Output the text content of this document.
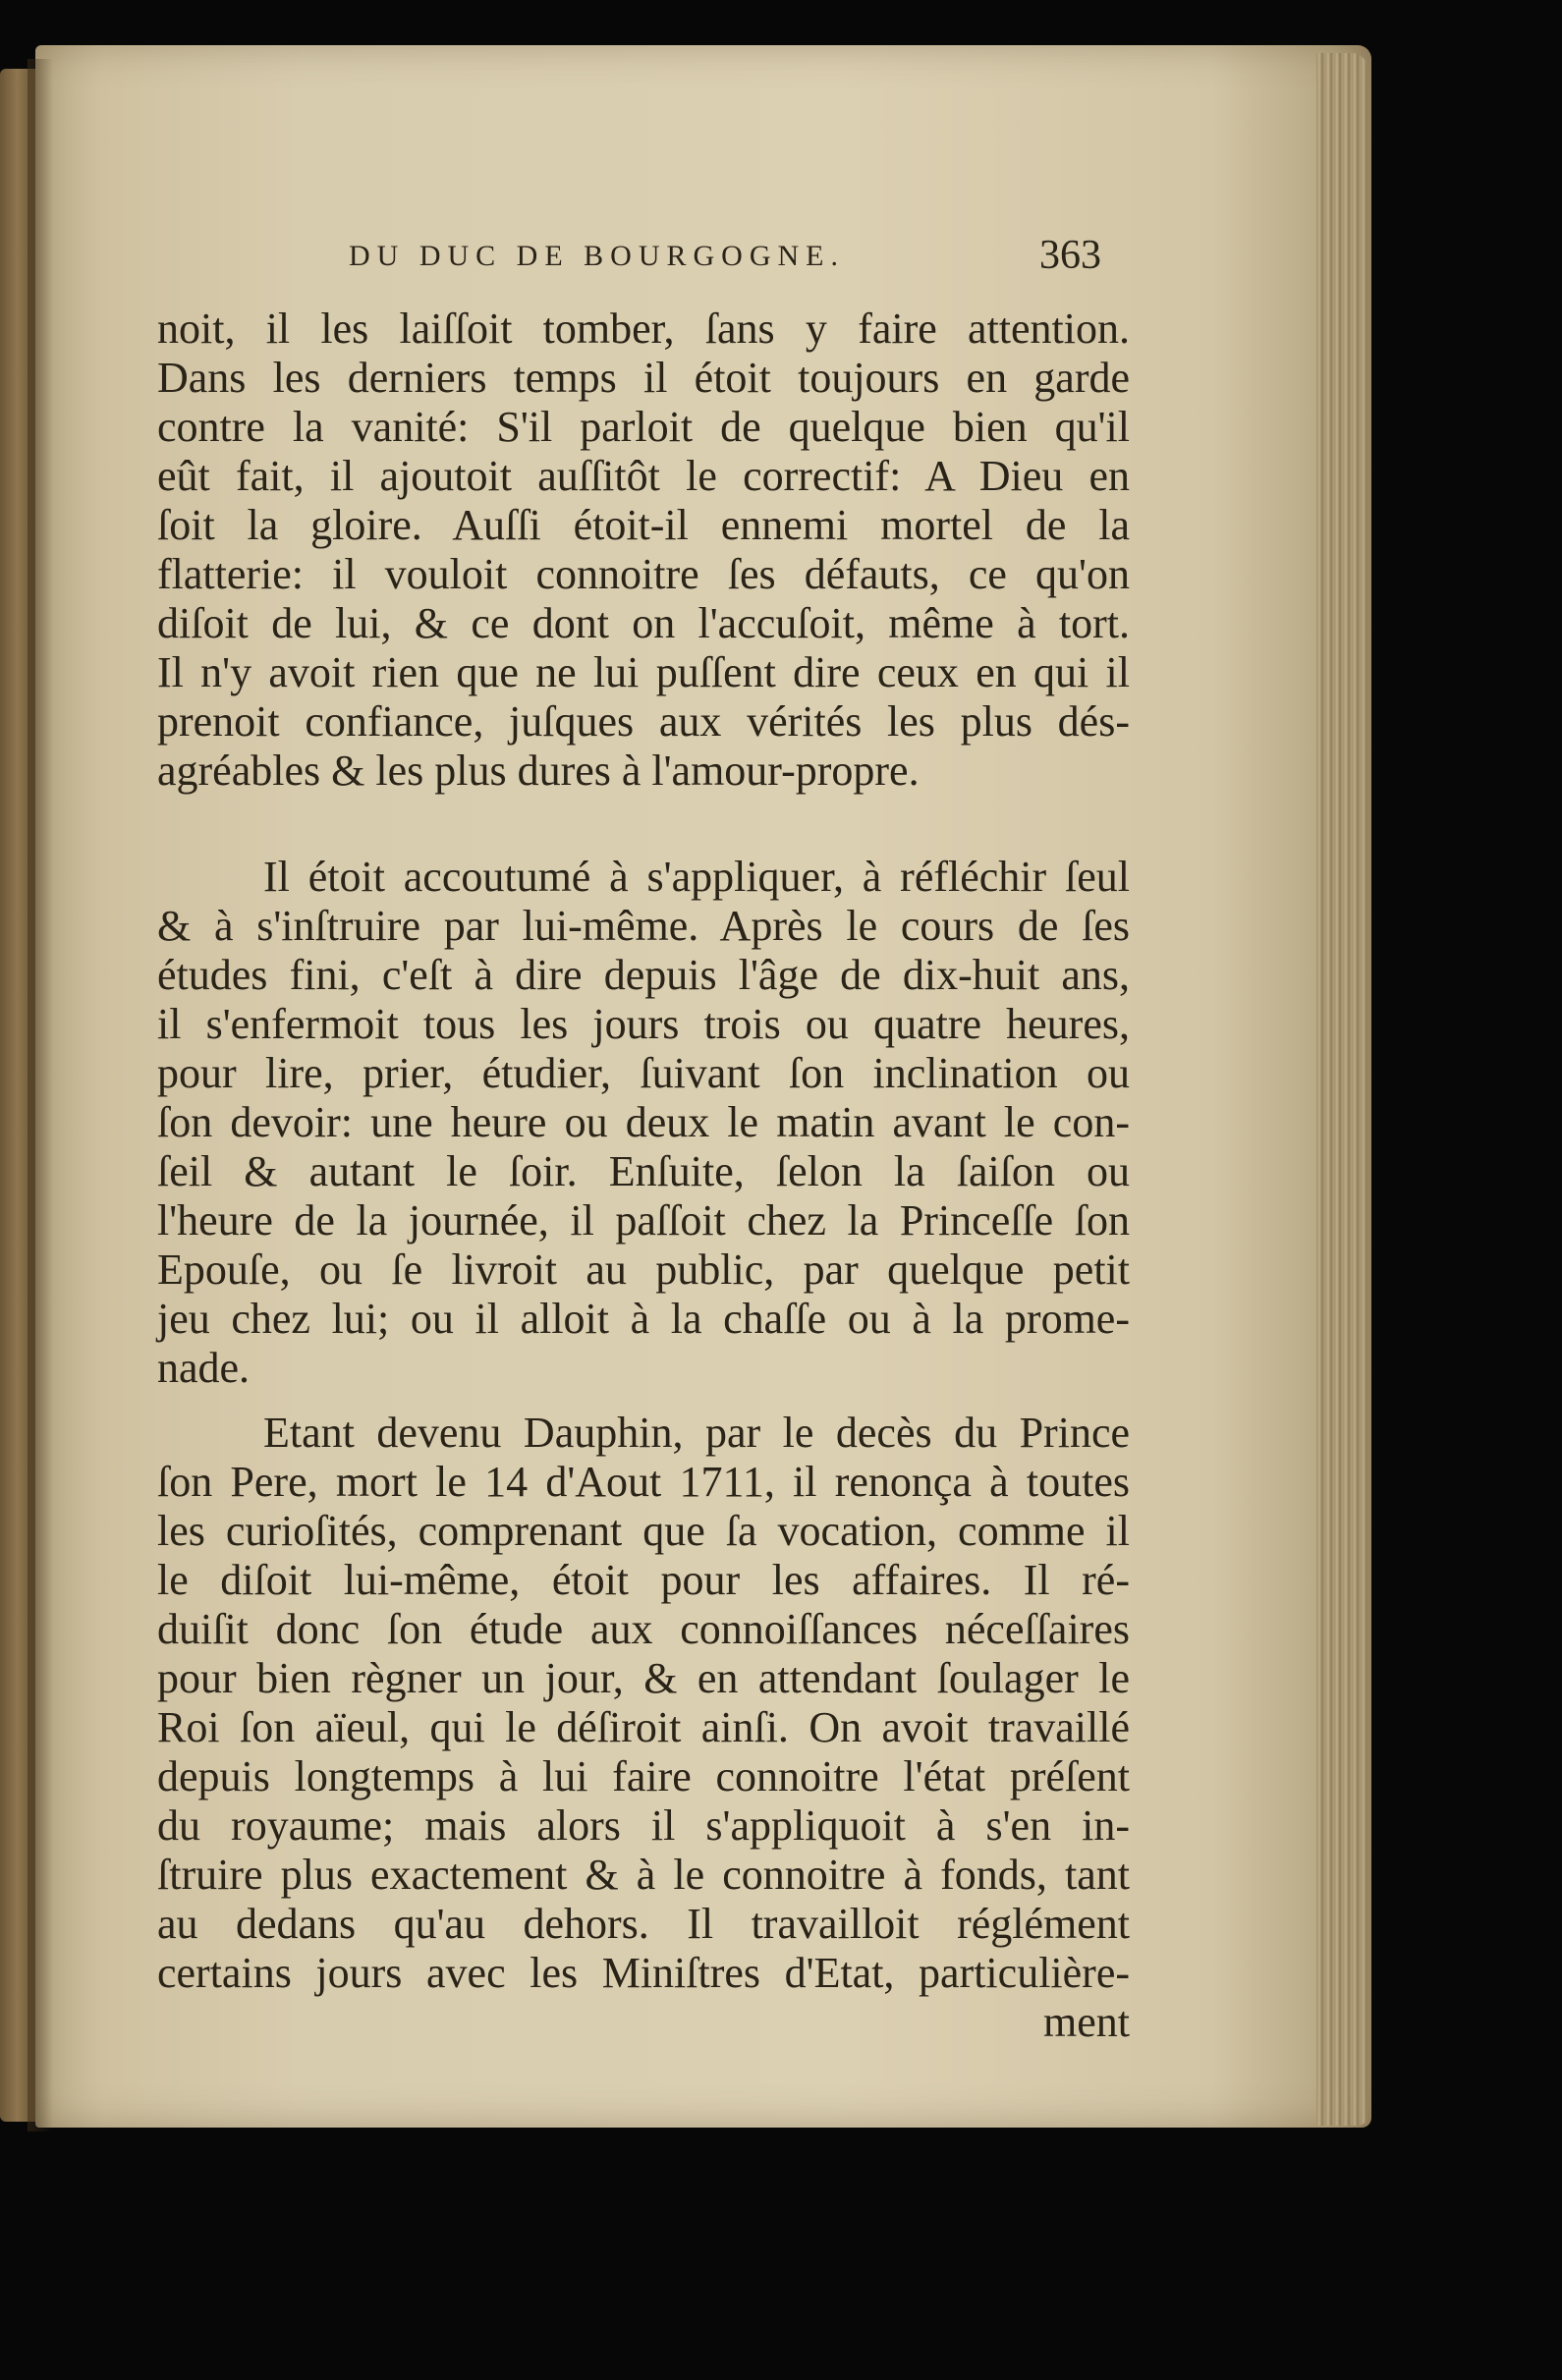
DU DUC DE BOURGOGNE.	363
noit, il les laiſſoit tomber, ſans y faire attention.
Dans les derniers temps il étoit toujours en garde
contre la vanité: S'il parloit de quelque bien qu'il
eût fait, il ajoutoit auſſitôt le correctif: A Dieu en
ſoit la gloire. Auſſi étoit-il ennemi mortel de la
flatterie: il vouloit connoitre ſes défauts, ce qu'on
diſoit de lui, & ce dont on l'accuſoit, même à tort.
Il n'y avoit rien que ne lui puſſent dire ceux en qui il
prenoit confiance, juſques aux vérités les plus dés-
agréables & les plus dures à l'amour-propre.
Il étoit accoutumé à s'appliquer, à réfléchir ſeul
& à s'inſtruire par lui-même. Après le cours de ſes
études fini, c'eſt à dire depuis l'âge de dix-huit ans,
il s'enfermoit tous les jours trois ou quatre heures,
pour lire, prier, étudier, ſuivant ſon inclination ou
ſon devoir: une heure ou deux le matin avant le con-
ſeil & autant le ſoir. Enſuite, ſelon la ſaiſon ou
l'heure de la journée, il paſſoit chez la Princeſſe ſon
Epouſe, ou ſe livroit au public, par quelque petit
jeu chez lui; ou il alloit à la chaſſe ou à la prome-
nade.
Etant devenu Dauphin, par le decès du Prince
ſon Pere, mort le 14 d'Aout 1711, il renonça à toutes
les curioſités, comprenant que ſa vocation, comme il
le diſoit lui-même, étoit pour les affaires. Il ré-
duiſit donc ſon étude aux connoiſſances néceſſaires
pour bien règner un jour, & en attendant ſoulager le
Roi ſon aïeul, qui le déſiroit ainſi. On avoit travaillé
depuis longtemps à lui faire connoitre l'état préſent
du royaume; mais alors il s'appliquoit à s'en in-
ſtruire plus exactement & à le connoitre à fonds, tant
au dedans qu'au dehors. Il travailloit réglément
certains jours avec les Miniſtres d'Etat, particulière-
ment
